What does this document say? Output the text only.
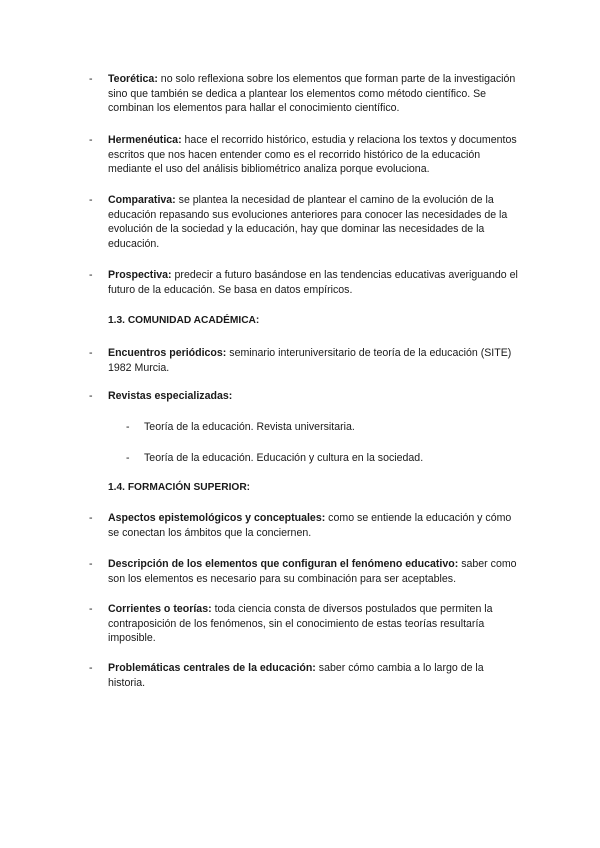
- Teorética: no solo reflexiona sobre los elementos que forman parte de la investigación sino que también se dedica a plantear los elementos como método científico. Se combinan los elementos para hallar el conocimiento científico.
- Hermenéutica: hace el recorrido histórico, estudia y relaciona los textos y documentos escritos que nos hacen entender como es el recorrido histórico de la educación mediante el uso del análisis bibliométrico analiza porque evoluciona.
- Comparativa: se plantea la necesidad de plantear el camino de la evolución de la educación repasando sus evoluciones anteriores para conocer las necesidades de la evolución de la sociedad y la educación, hay que dominar las necesidades de la educación.
- Prospectiva: predecir a futuro basándose en las tendencias educativas averiguando el futuro de la educación. Se basa en datos empíricos.
1.3. COMUNIDAD ACADÉMICA:
- Encuentros periódicos: seminario interuniversitario de teoría de la educación (SITE) 1982 Murcia.
- Revistas especializadas:
- Teoría de la educación. Revista universitaria.
- Teoría de la educación. Educación y cultura en la sociedad.
1.4. FORMACIÓN SUPERIOR:
- Aspectos epistemológicos y conceptuales: como se entiende la educación y cómo se conectan los ámbitos que la conciernen.
- Descripción de los elementos que configuran el fenómeno educativo: saber como son los elementos es necesario para su combinación para ser aceptables.
- Corrientes o teorías: toda ciencia consta de diversos postulados que permiten la contraposición de los fenómenos, sin el conocimiento de estas teorías resultaría imposible.
- Problemáticas centrales de la educación: saber cómo cambia a lo largo de la historia.
